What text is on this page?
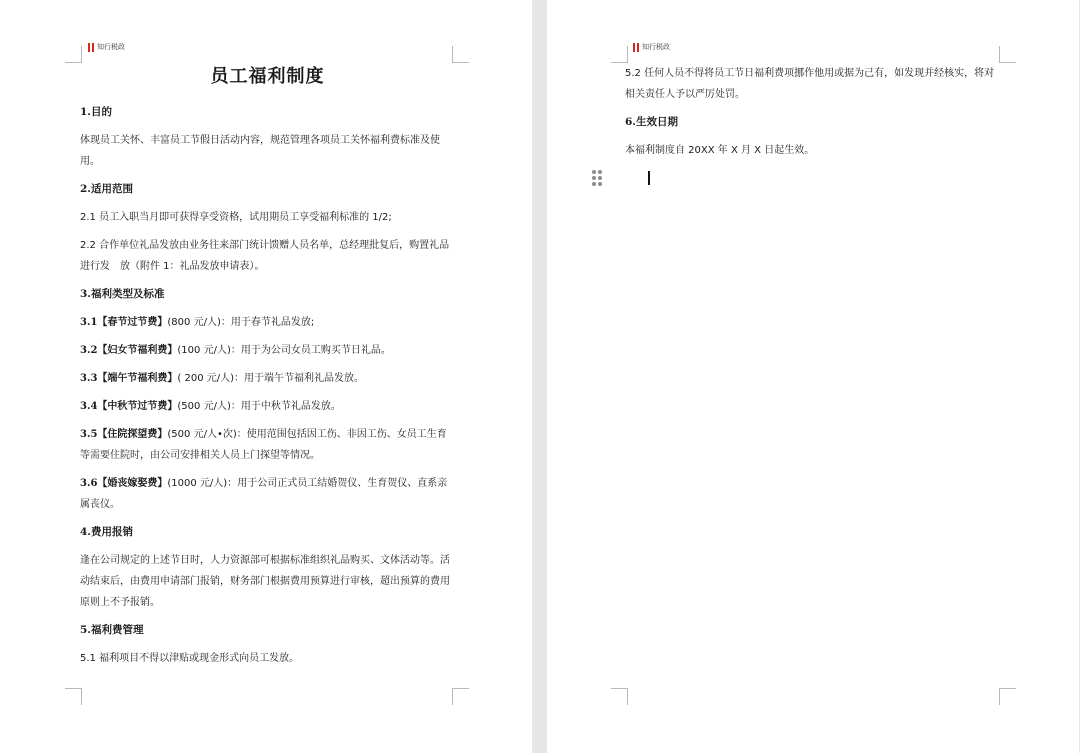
知行税政
员工福利制度
1.目的
体现员工关怀、丰富员工节假日活动内容，规范管理各项员工关怀福利费标准及使用。
2.适用范围
2.1 员工入职当月即可获得享受资格，试用期员工享受福利标准的 1/2;
2.2 合作单位礼品发放由业务往来部门统计馈赠人员名单，总经理批复后，购置礼品进行发　放（附件 1：礼品发放申请表）。
3.福利类型及标准
3.1【春节过节费】(800 元/人)：用于春节礼品发放;
3.2【妇女节福利费】(100 元/人)：用于为公司女员工购买节日礼品。
3.3【端午节福利费】( 200 元/人)：用于端午节福利礼品发放。
3.4【中秋节过节费】(500 元/人)：用于中秋节礼品发放。
3.5【住院探望费】(500 元/人•次)：使用范围包括因工伤、非因工伤、女员工生育等需要住院时，由公司安排相关人员上门探望等情况。
3.6【婚丧嫁娶费】(1000 元/人)：用于公司正式员工结婚贺仪、生育贺仪、直系亲属丧仪。
4.费用报销
逢在公司规定的上述节日时，人力资源部可根据标准组织礼品购买、文体活动等。活动结束后，由费用申请部门报销，财务部门根据费用预算进行审核，超出预算的费用原则上不予报销。
5.福利费管理
5.1 福利项目不得以津贴或现金形式向员工发放。
知行税政
5.2 任何人员不得将员工节日福利费项挪作他用或据为己有，如发现并经核实，将对相关责任人予以严厉处罚。
6.生效日期
本福利制度自 20XX 年 X 月 X 日起生效。
